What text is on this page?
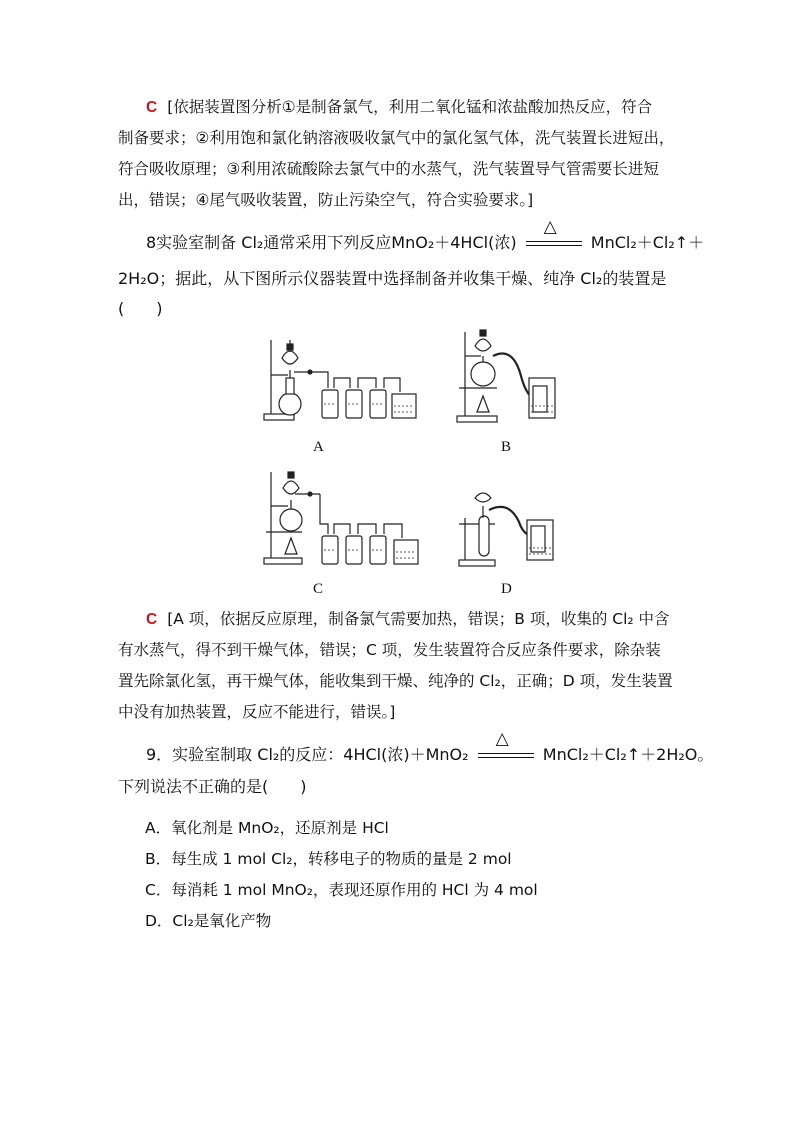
C [依据装置图分析①是制备氯气，利用二氧化锰和浓盐酸加热反应，符合
制备要求；②利用饱和氯化钠溶液吸收氯气中的氯化氢气体，洗气装置长进短出，
符合吸收原理；③利用浓硫酸除去氯气中的水蒸气，洗气装置导气管需要长进短
出，错误；④尾气吸收装置，防止污染空气，符合实验要求。]
8实验室制备 Cl₂通常采用下列反应MnO₂＋4HCl(浓)
△
MnCl₂＋Cl₂↑＋
2H₂O；据此，从下图所示仪器装置中选择制备并收集干燥、纯净 Cl₂的装置是
(　　)
A	B
C	D
C [A 项，依据反应原理，制备氯气需要加热，错误；B 项，收集的 Cl₂ 中含
有水蒸气，得不到干燥气体，错误；C 项，发生装置符合反应条件要求，除杂装
置先除氯化氢，再干燥气体，能收集到干燥、纯净的 Cl₂，正确；D 项，发生装置
中没有加热装置，反应不能进行，错误。]
9．实验室制取 Cl₂的反应：4HCl(浓)＋MnO₂
△
MnCl₂＋Cl₂↑＋2H₂O。
下列说法不正确的是(　　)
A．氧化剂是 MnO₂，还原剂是 HCl
B．每生成 1 mol Cl₂，转移电子的物质的量是 2 mol
C．每消耗 1 mol MnO₂，表现还原作用的 HCl 为 4 mol
D．Cl₂是氧化产物
